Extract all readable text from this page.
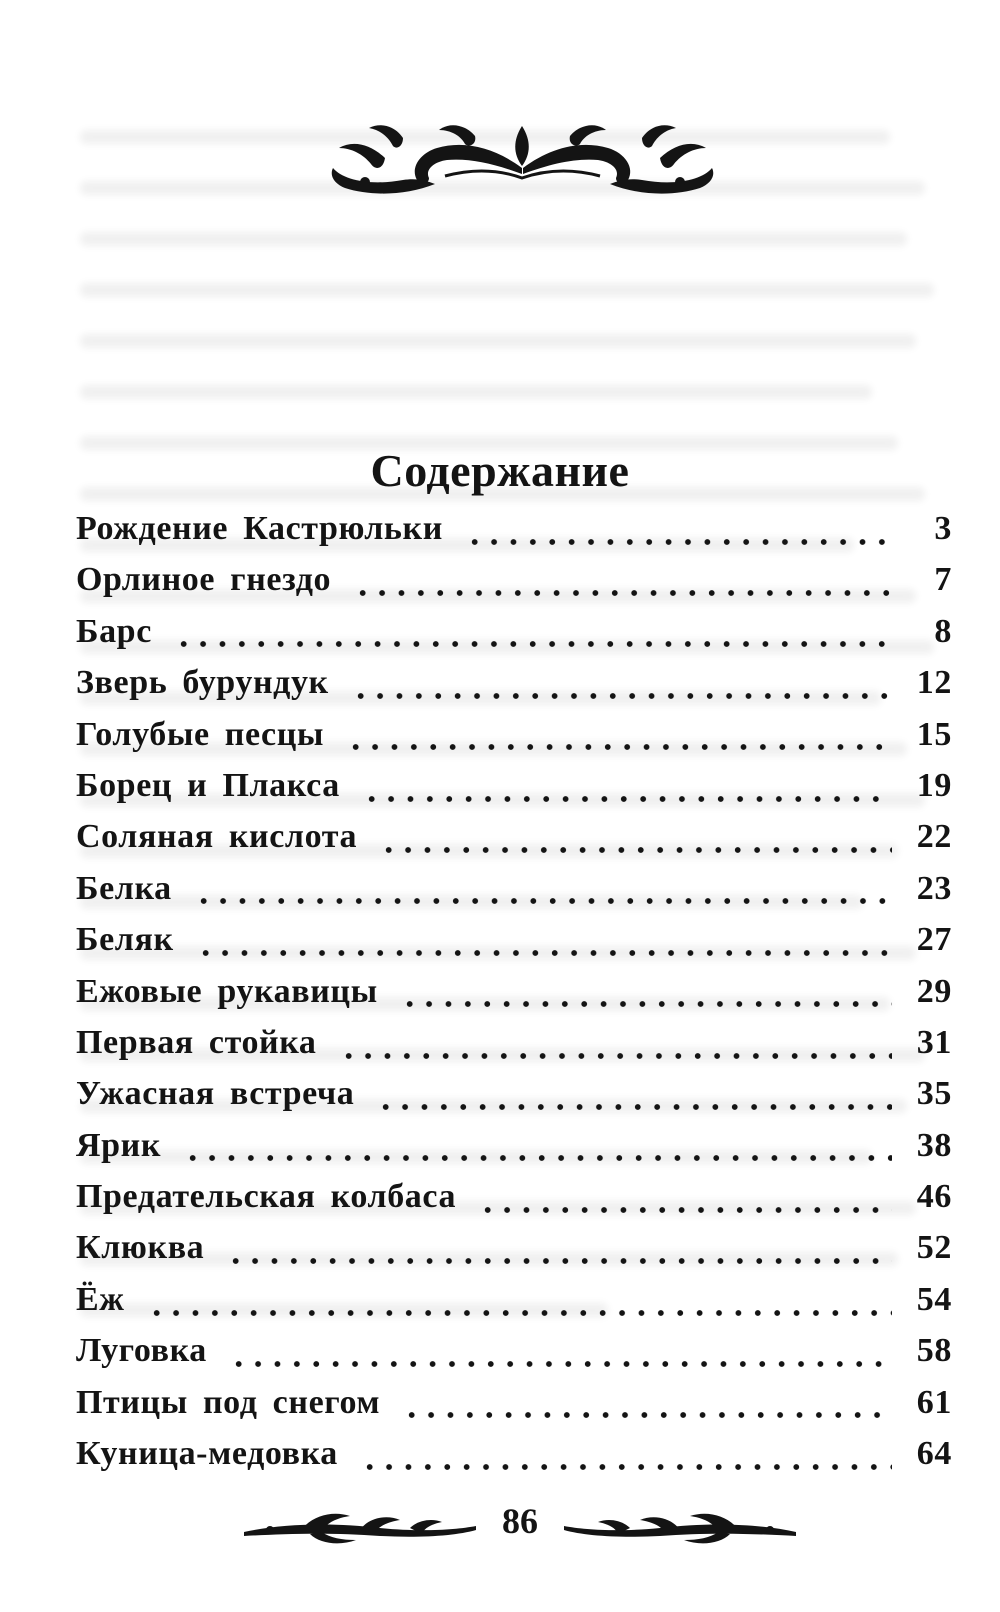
Содержание
Рождение Кастрюльки	3
Орлиное гнездо	7
Барс	8
Зверь бурундук	12
Голубые песцы	15
Борец и Плакса	19
Соляная кислота	22
Белка	23
Беляк	27
Ежовые рукавицы	29
Первая стойка	31
Ужасная встреча	35
Ярик	38
Предательская колбаса	46
Клюква	52
Ёж	54
Луговка	58
Птицы под снегом	61
Куница-медовка	64
86
